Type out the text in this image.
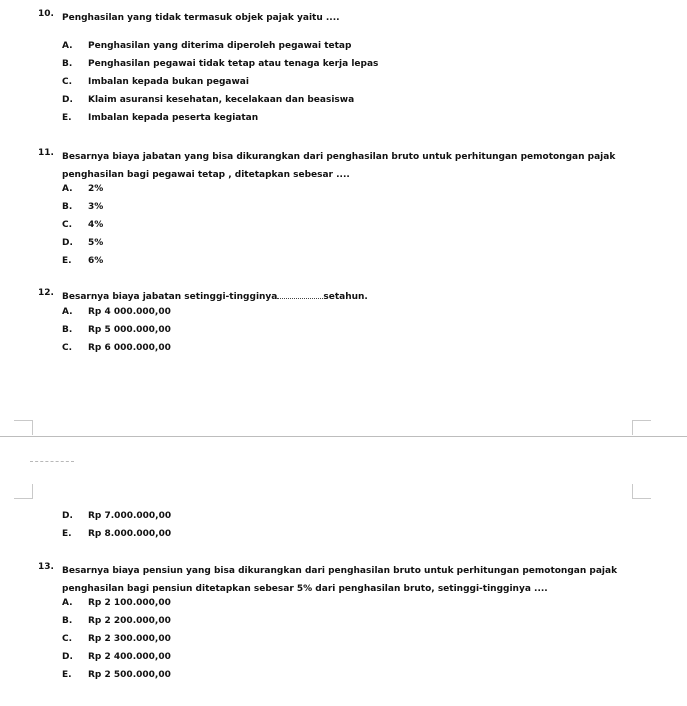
10. Penghasilan yang tidak termasuk objek pajak yaitu ....
A. Penghasilan yang diterima diperoleh pegawai tetap
B. Penghasilan pegawai tidak tetap atau tenaga kerja lepas
C. Imbalan kepada bukan pegawai
D. Klaim asuransi kesehatan, kecelakaan dan beasiswa
E. Imbalan kepada peserta kegiatan
11. Besarnya biaya jabatan yang bisa dikurangkan dari penghasilan bruto untuk perhitungan pemotongan pajak penghasilan bagi pegawai tetap , ditetapkan sebesar ....
A. 2%
B. 3%
C. 4%
D. 5%
E. 6%
12. Besarnya biaya jabatan setinggi-tingginya	setahun.
A. Rp 4 000.000,00
B. Rp 5 000.000,00
C. Rp 6 000.000,00
D. Rp 7.000.000,00
E. Rp 8.000.000,00
13. Besarnya biaya pensiun yang bisa dikurangkan dari penghasilan bruto untuk perhitungan pemotongan pajak penghasilan bagi pensiun ditetapkan sebesar 5% dari penghasilan bruto, setinggi-tingginya ....
A. Rp 2 100.000,00
B. Rp 2 200.000,00
C. Rp 2 300.000,00
D. Rp 2 400.000,00
E. Rp 2 500.000,00
